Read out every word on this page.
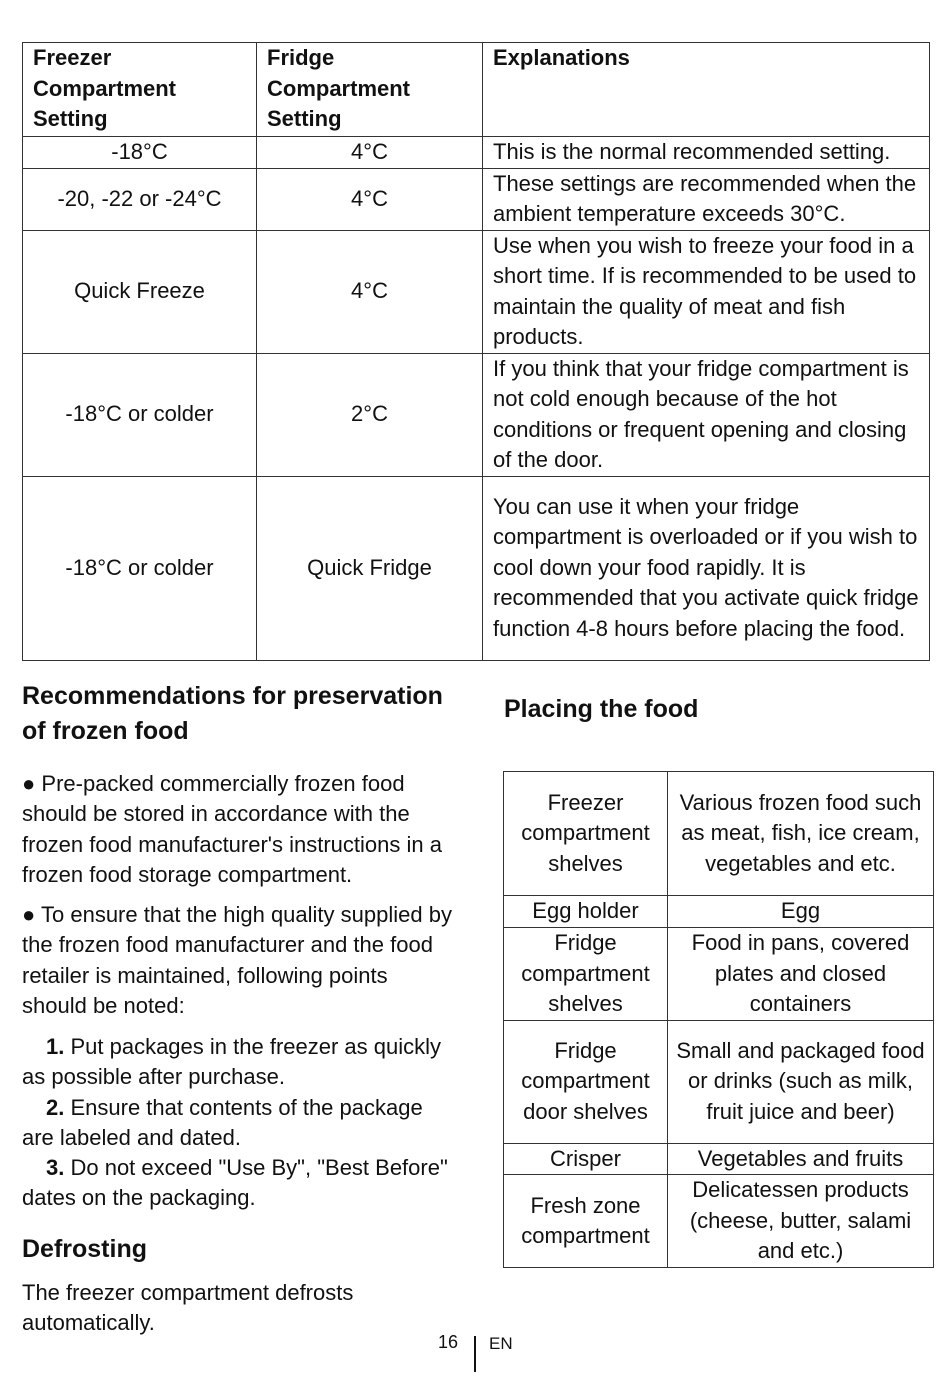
Freezer Compartment Setting	Fridge Compartment Setting	Explanations
-18°C	4°C	This is the normal recommended setting.
-20, -22 or -24°C	4°C	These settings are recommended when the ambient temperature exceeds 30°C.
Quick Freeze	4°C	Use when you wish to freeze your food in a short time. If is recommended to be used to maintain the quality of meat and fish products.
-18°C or colder	2°C	If you think that your fridge compartment is not cold enough because of the hot conditions or frequent opening and closing of the door.
-18°C or colder	Quick Fridge	You can use it when your fridge compartment is overloaded or if you wish to cool down your food rapidly. It is recommended that you activate quick fridge function 4-8 hours before placing the food.
Recommendations for preservation of frozen food

● Pre-packed commercially frozen food should be stored in accordance with the frozen food manufacturer's instructions in a frozen food storage compartment.

● To ensure that the high quality supplied by the frozen food manufacturer and the food retailer is maintained, following points should be noted:

1. Put packages in the freezer as quickly as possible after purchase.

2. Ensure that contents of the package are labeled and dated.

3. Do not exceed "Use By", "Best Before" dates on the packaging.

Defrosting

The freezer compartment defrosts automatically.

Placing the food
Freezer compartment shelves	Various frozen food such as meat, fish, ice cream, vegetables and etc.
Egg holder	Egg
Fridge compartment shelves	Food in pans, covered plates and closed containers
Fridge compartment door shelves	Small and packaged food or drinks (such as milk, fruit juice and beer)
Crisper	Vegetables and fruits
Fresh zone compartment	Delicatessen products (cheese, butter, salami and etc.)
16 EN
